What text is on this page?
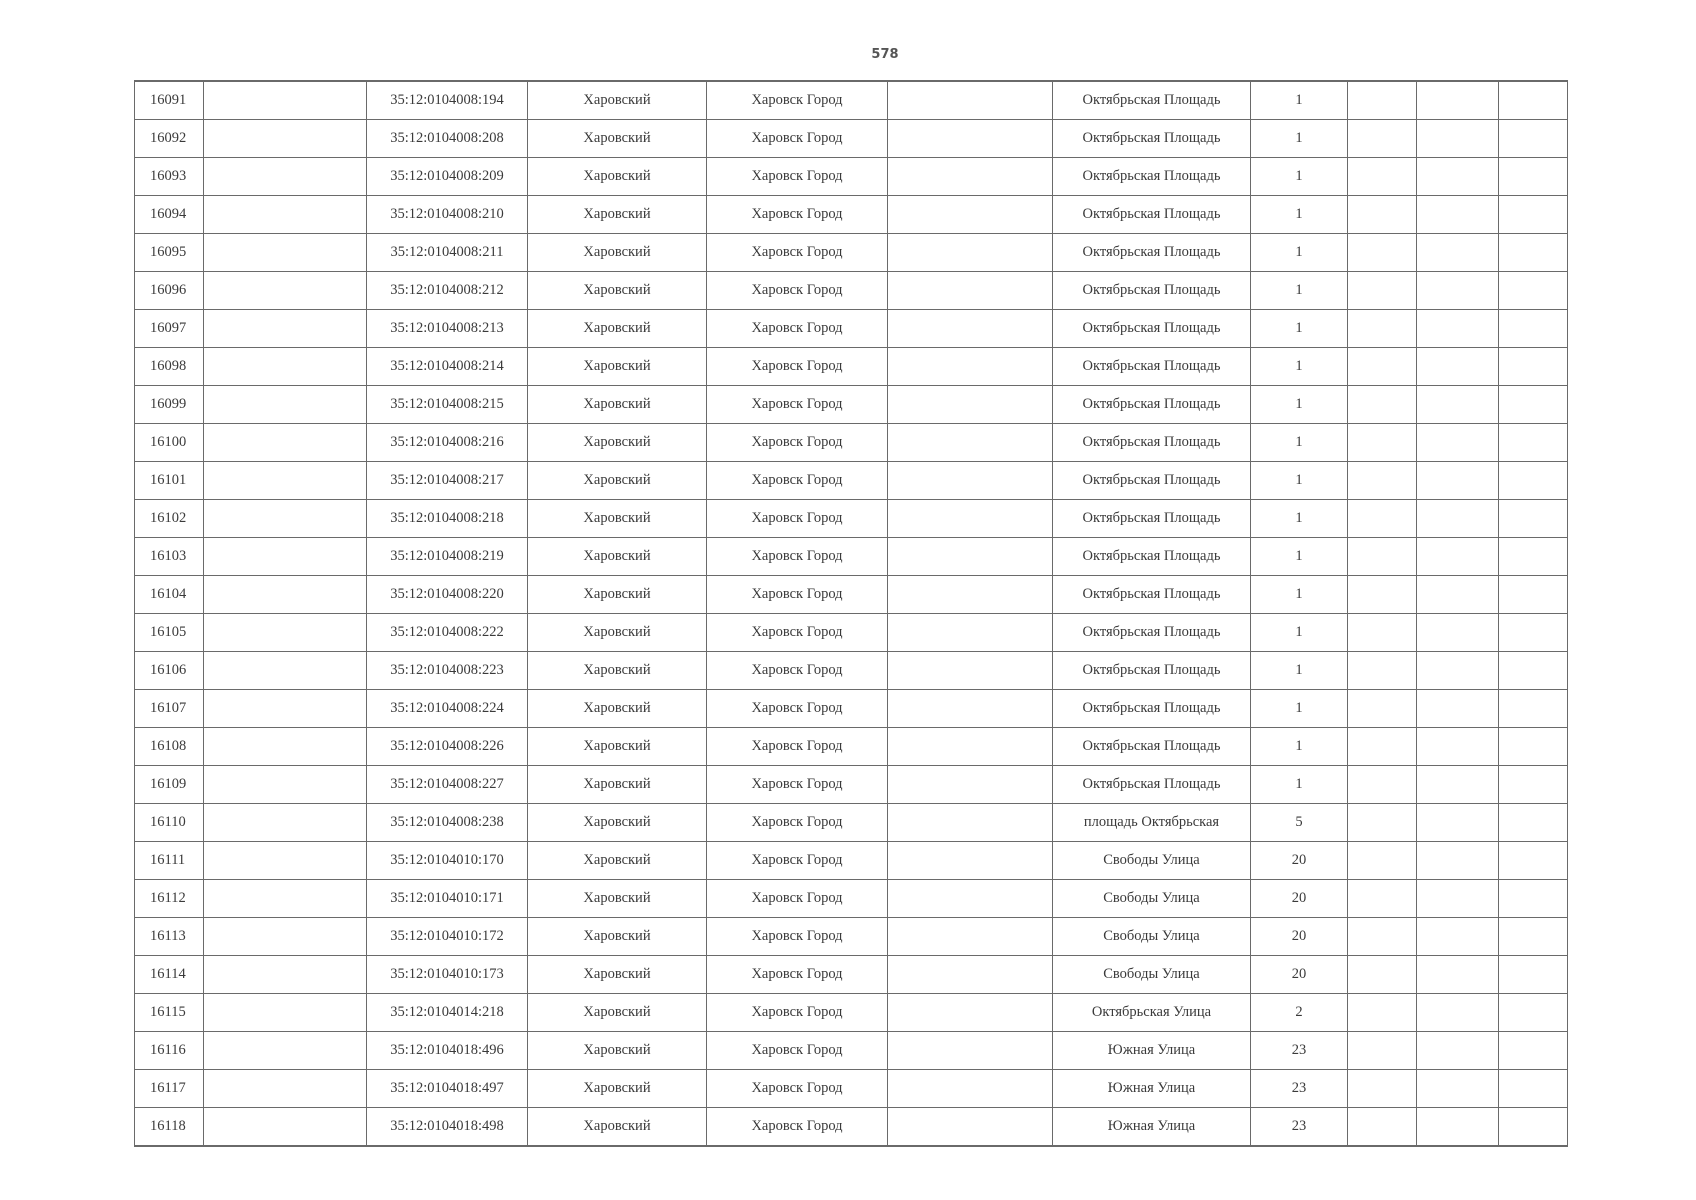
578
16091		35:12:0104008:194	Харовский	Харовск Город		Октябрьская Площадь	1			
16092		35:12:0104008:208	Харовский	Харовск Город		Октябрьская Площадь	1			
16093		35:12:0104008:209	Харовский	Харовск Город		Октябрьская Площадь	1			
16094		35:12:0104008:210	Харовский	Харовск Город		Октябрьская Площадь	1			
16095		35:12:0104008:211	Харовский	Харовск Город		Октябрьская Площадь	1			
16096		35:12:0104008:212	Харовский	Харовск Город		Октябрьская Площадь	1			
16097		35:12:0104008:213	Харовский	Харовск Город		Октябрьская Площадь	1			
16098		35:12:0104008:214	Харовский	Харовск Город		Октябрьская Площадь	1			
16099		35:12:0104008:215	Харовский	Харовск Город		Октябрьская Площадь	1			
16100		35:12:0104008:216	Харовский	Харовск Город		Октябрьская Площадь	1			
16101		35:12:0104008:217	Харовский	Харовск Город		Октябрьская Площадь	1			
16102		35:12:0104008:218	Харовский	Харовск Город		Октябрьская Площадь	1			
16103		35:12:0104008:219	Харовский	Харовск Город		Октябрьская Площадь	1			
16104		35:12:0104008:220	Харовский	Харовск Город		Октябрьская Площадь	1			
16105		35:12:0104008:222	Харовский	Харовск Город		Октябрьская Площадь	1			
16106		35:12:0104008:223	Харовский	Харовск Город		Октябрьская Площадь	1			
16107		35:12:0104008:224	Харовский	Харовск Город		Октябрьская Площадь	1			
16108		35:12:0104008:226	Харовский	Харовск Город		Октябрьская Площадь	1			
16109		35:12:0104008:227	Харовский	Харовск Город		Октябрьская Площадь	1			
16110		35:12:0104008:238	Харовский	Харовск Город		площадь Октябрьская	5			
16111		35:12:0104010:170	Харовский	Харовск Город		Свободы Улица	20			
16112		35:12:0104010:171	Харовский	Харовск Город		Свободы Улица	20			
16113		35:12:0104010:172	Харовский	Харовск Город		Свободы Улица	20			
16114		35:12:0104010:173	Харовский	Харовск Город		Свободы Улица	20			
16115		35:12:0104014:218	Харовский	Харовск Город		Октябрьская Улица	2			
16116		35:12:0104018:496	Харовский	Харовск Город		Южная Улица	23			
16117		35:12:0104018:497	Харовский	Харовск Город		Южная Улица	23			
16118		35:12:0104018:498	Харовский	Харовск Город		Южная Улица	23			
